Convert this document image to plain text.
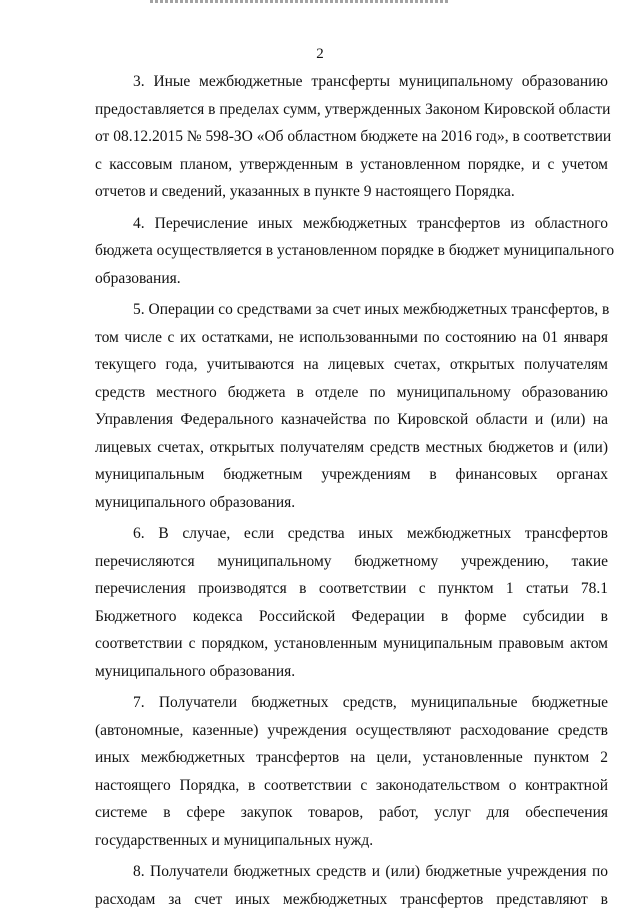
2
3. Иные межбюджетные трансферты муниципальному образованию
предоставляется в пределах сумм, утвержденных Законом Кировской области
от 08.12.2015 № 598-ЗО «Об областном бюджете на 2016 год», в соответствии
с кассовым планом, утвержденным в установленном порядке, и с учетом
отчетов и сведений, указанных в пункте 9 настоящего Порядка.
4. Перечисление иных межбюджетных трансфертов из областного
бюджета осуществляется в установленном порядке в бюджет муниципального
образования.
5. Операции со средствами за счет иных межбюджетных трансфертов, в
том числе с их остатками, не использованными по состоянию на 01 января
текущего года, учитываются на лицевых счетах, открытых получателям
средств местного бюджета в отделе по муниципальному образованию
Управления Федерального казначейства по Кировской области и (или) на
лицевых счетах, открытых получателям средств местных бюджетов и (или)
муниципальным бюджетным учреждениям в финансовых органах
муниципального образования.
6. В случае, если средства иных межбюджетных трансфертов
перечисляются муниципальному бюджетному учреждению, такие
перечисления производятся в соответствии с пунктом 1 статьи 78.1
Бюджетного кодекса Российской Федерации в форме субсидии в
соответствии с порядком, установленным муниципальным правовым актом
муниципального образования.
7. Получатели бюджетных средств, муниципальные бюджетные
(автономные, казенные) учреждения осуществляют расходование средств
иных межбюджетных трансфертов на цели, установленные пунктом 2
настоящего Порядка, в соответствии с законодательством о контрактной
системе в сфере закупок товаров, работ, услуг для обеспечения
государственных и муниципальных нужд.
8. Получатели бюджетных средств и (или) бюджетные учреждения по
расходам за счет иных межбюджетных трансфертов представляют в
